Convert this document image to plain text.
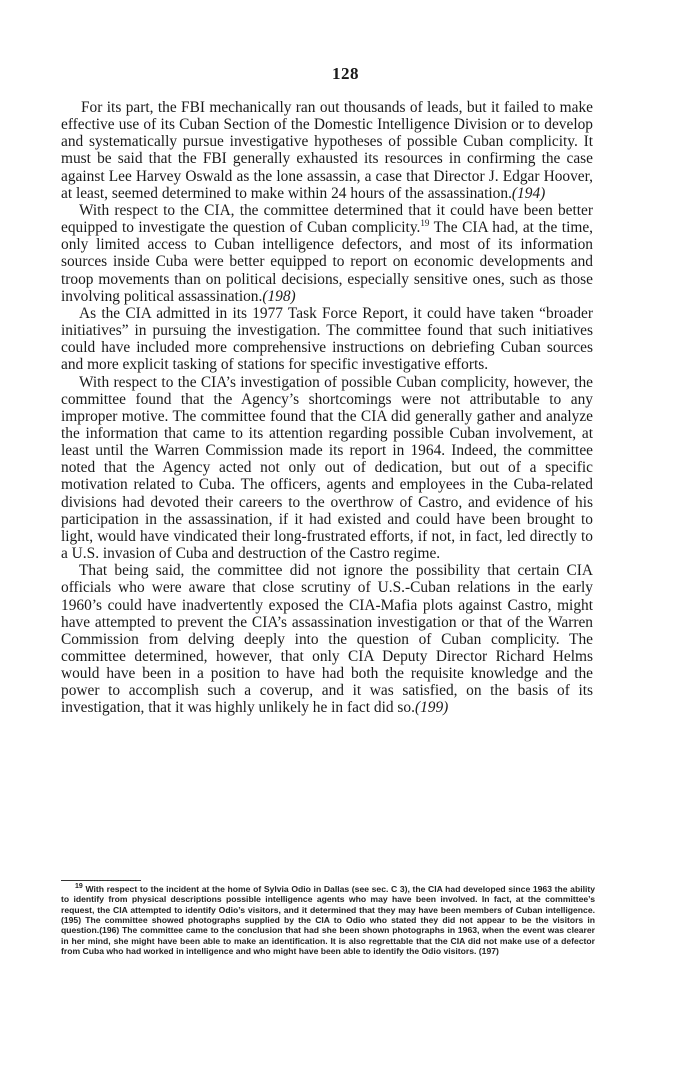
128

For its part, the FBI mechanically ran out thousands of leads, but it failed to make effective use of its Cuban Section of the Domestic Intelligence Division or to develop and systematically pursue investigative hypotheses of possible Cuban complicity. It must be said that the FBI generally exhausted its resources in confirming the case against Lee Harvey Oswald as the lone assassin, a case that Director J. Edgar Hoover, at least, seemed determined to make within 24 hours of the assassination.(194)

With respect to the CIA, the committee determined that it could have been better equipped to investigate the question of Cuban complicity.$^{19}$ The CIA had, at the time, only limited access to Cuban intelligence defectors, and most of its information sources inside Cuba were better equipped to report on economic developments and troop movements than on political decisions, especially sensitive ones, such as those involving political assassination.(198)

As the CIA admitted in its 1977 Task Force Report, it could have taken “broader initiatives” in pursuing the investigation. The committee found that such initiatives could have included more comprehensive instructions on debriefing Cuban sources and more explicit tasking of stations for specific investigative efforts.

With respect to the CIA’s investigation of possible Cuban complicity, however, the committee found that the Agency’s shortcomings were not attributable to any improper motive. The committee found that the CIA did generally gather and analyze the information that came to its attention regarding possible Cuban involvement, at least until the Warren Commission made its report in 1964. Indeed, the committee noted that the Agency acted not only out of dedication, but out of a specific motivation related to Cuba. The officers, agents and employees in the Cuba-related divisions had devoted their careers to the overthrow of Castro, and evidence of his participation in the assassination, if it had existed and could have been brought to light, would have vindicated their long-frustrated efforts, if not, in fact, led directly to a U.S. invasion of Cuba and destruction of the Castro regime.

That being said, the committee did not ignore the possibility that certain CIA officials who were aware that close scrutiny of U.S.-Cuban relations in the early 1960’s could have inadvertently exposed the CIA-Mafia plots against Castro, might have attempted to prevent the CIA’s assassination investigation or that of the Warren Commission from delving deeply into the question of Cuban complicity. The committee determined, however, that only CIA Deputy Director Richard Helms would have been in a position to have had both the requisite knowledge and the power to accomplish such a coverup, and it was satisfied, on the basis of its investigation, that it was highly unlikely he in fact did so.(199)

$^{19}$ With respect to the incident at the home of Sylvia Odio in Dallas (see sec. C 3), the CIA had developed since 1963 the ability to identify from physical descriptions possible intelligence agents who may have been involved. In fact, at the committee’s request, the CIA attempted to identify Odio’s visitors, and it determined that they may have been members of Cuban intelligence.(195) The committee showed photographs supplied by the CIA to Odio who stated they did not appear to be the visitors in question.(196) The committee came to the conclusion that had she been shown photographs in 1963, when the event was clearer in her mind, she might have been able to make an identification. It is also regrettable that the CIA did not make use of a defector from Cuba who had worked in intelligence and who might have been able to identify the Odio visitors. (197)
